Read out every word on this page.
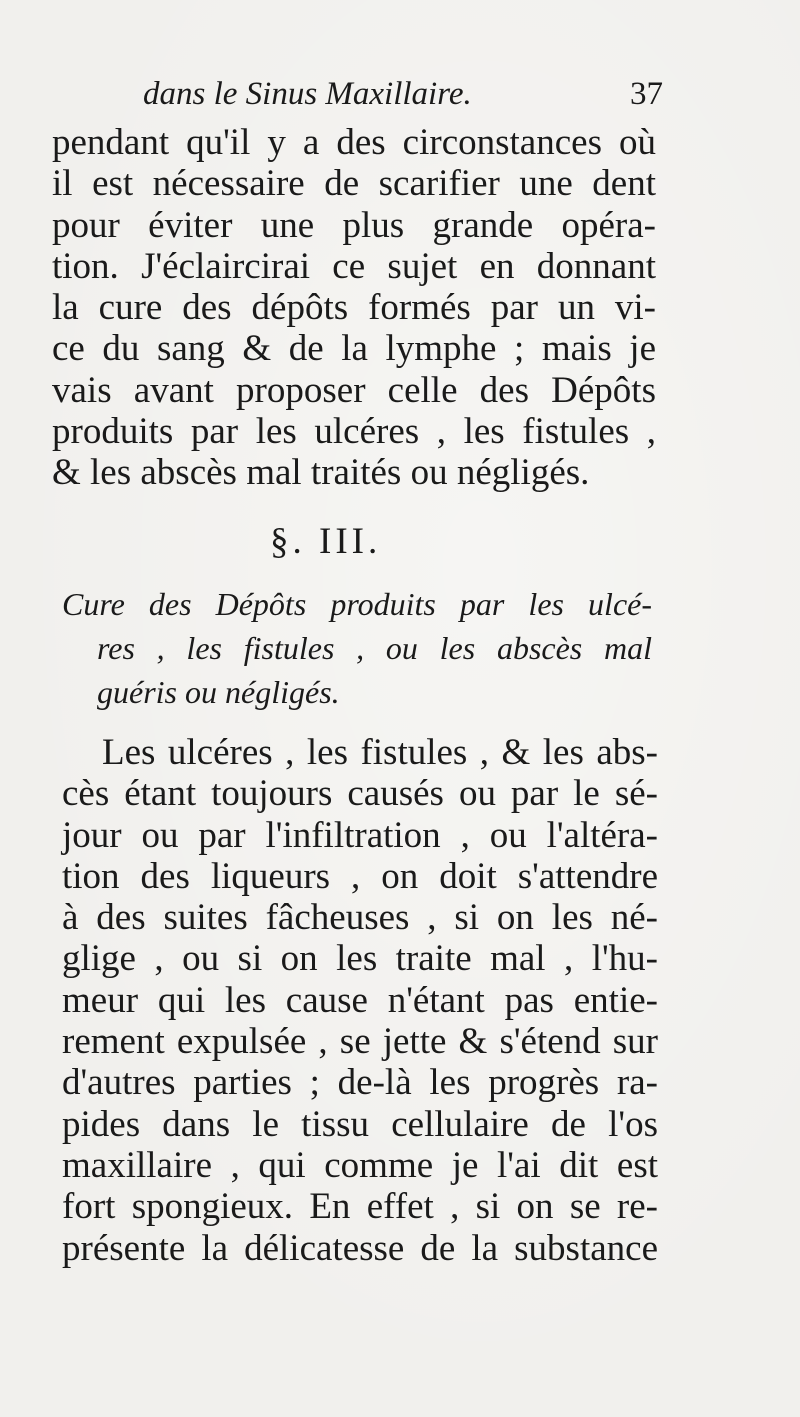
dans le Sinus Maxillaire.	37
pendant qu'il y a des circonstances où
il est nécessaire de scarifier une dent
pour éviter une plus grande opéra-
tion. J'éclaircirai ce sujet en donnant
la cure des dépôts formés par un vi-
ce du sang & de la lymphe ; mais je
vais avant proposer celle des Dépôts
produits par les ulcéres , les fistules ,
& les abscès mal traités ou négligés.
§. III.
Cure des Dépôts produits par les ulcé-
res , les fistules , ou les abscès mal
guéris ou négligés.
Les ulcéres , les fistules , & les abs-
cès étant toujours causés ou par le sé-
jour ou par l'infiltration , ou l'altéra-
tion des liqueurs , on doit s'attendre
à des suites fâcheuses , si on les né-
glige , ou si on les traite mal , l'hu-
meur qui les cause n'étant pas entie-
rement expulsée , se jette & s'étend sur
d'autres parties ; de-là les progrès ra-
pides dans le tissu cellulaire de l'os
maxillaire , qui comme je l'ai dit est
fort spongieux. En effet , si on se re-
présente la délicatesse de la substance
